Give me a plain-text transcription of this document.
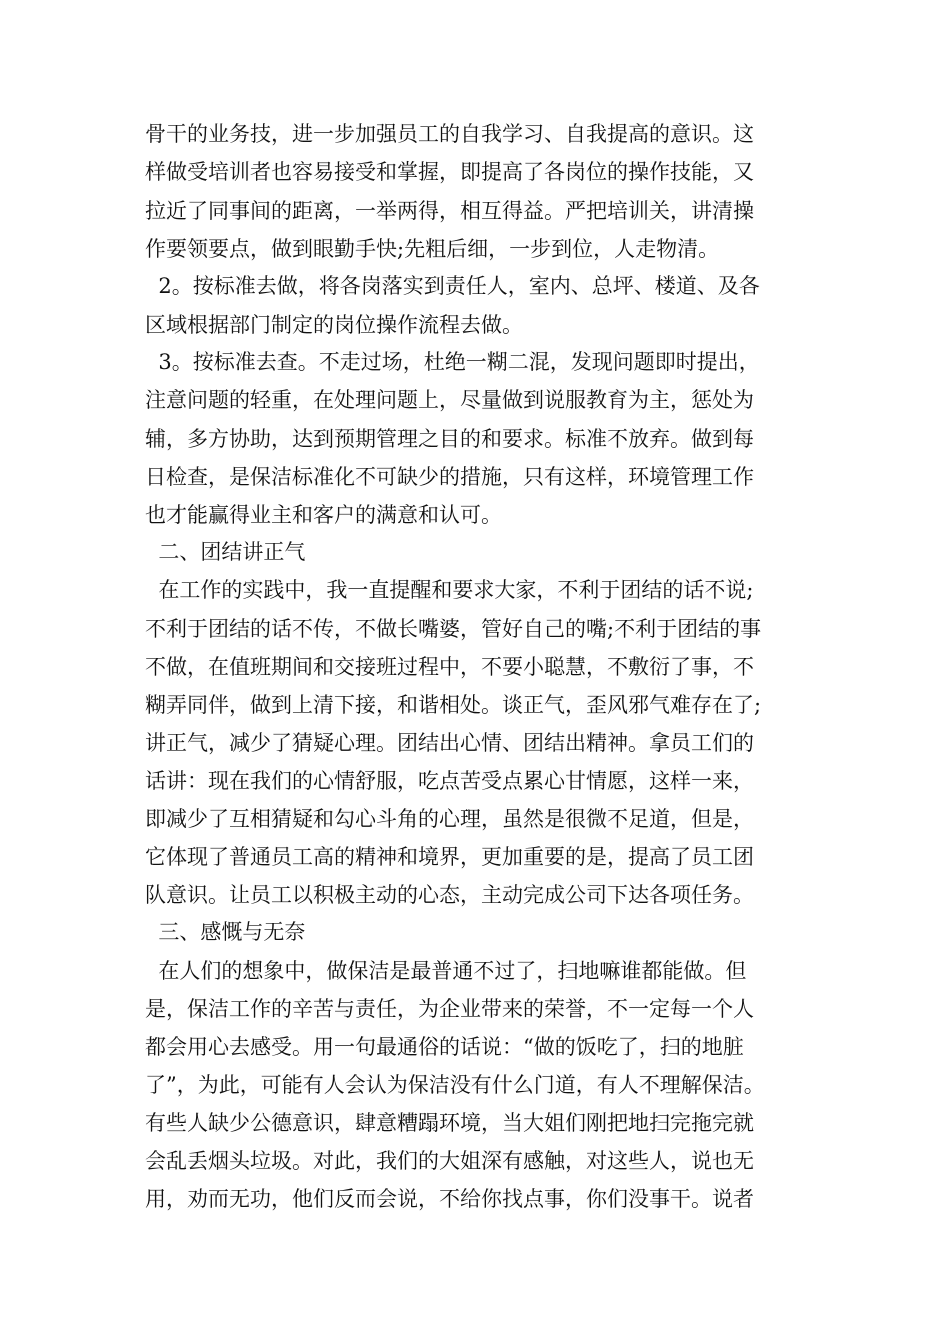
骨干的业务技，进一步加强员工的自我学习、自我提高的意识。这
样做受培训者也容易接受和掌握，即提高了各岗位的操作技能，又
拉近了同事间的距离，一举两得，相互得益。严把培训关，讲清操
作要领要点，做到眼勤手快;先粗后细，一步到位，人走物清。
2。按标准去做，将各岗落实到责任人，室内、总坪、楼道、及各
区域根据部门制定的岗位操作流程去做。
3。按标准去查。不走过场，杜绝一糊二混，发现问题即时提出，
注意问题的轻重，在处理问题上，尽量做到说服教育为主，惩处为
辅，多方协助，达到预期管理之目的和要求。标准不放弃。做到每
日检查，是保洁标准化不可缺少的措施，只有这样，环境管理工作
也才能赢得业主和客户的满意和认可。
二、团结讲正气
在工作的实践中，我一直提醒和要求大家，不利于团结的话不说;
不利于团结的话不传，不做长嘴婆，管好自己的嘴;不利于团结的事
不做，在值班期间和交接班过程中，不要小聪慧，不敷衍了事，不
糊弄同伴，做到上清下接，和谐相处。谈正气，歪风邪气难存在了;
讲正气，减少了猜疑心理。团结出心情、团结出精神。拿员工们的
话讲：现在我们的心情舒服，吃点苦受点累心甘情愿，这样一来，
即减少了互相猜疑和勾心斗角的心理，虽然是很微不足道，但是，
它体现了普通员工高的精神和境界，更加重要的是，提高了员工团
队意识。让员工以积极主动的心态，主动完成公司下达各项任务。
三、感慨与无奈
在人们的想象中，做保洁是最普通不过了，扫地嘛谁都能做。但
是，保洁工作的辛苦与责任，为企业带来的荣誉，不一定每一个人
都会用心去感受。用一句最通俗的话说：“做的饭吃了，扫的地脏
了”，为此，可能有人会认为保洁没有什么门道，有人不理解保洁。
有些人缺少公德意识，肆意糟蹋环境，当大姐们刚把地扫完拖完就
会乱丢烟头垃圾。对此，我们的大姐深有感触，对这些人，说也无
用，劝而无功，他们反而会说，不给你找点事，你们没事干。说者
